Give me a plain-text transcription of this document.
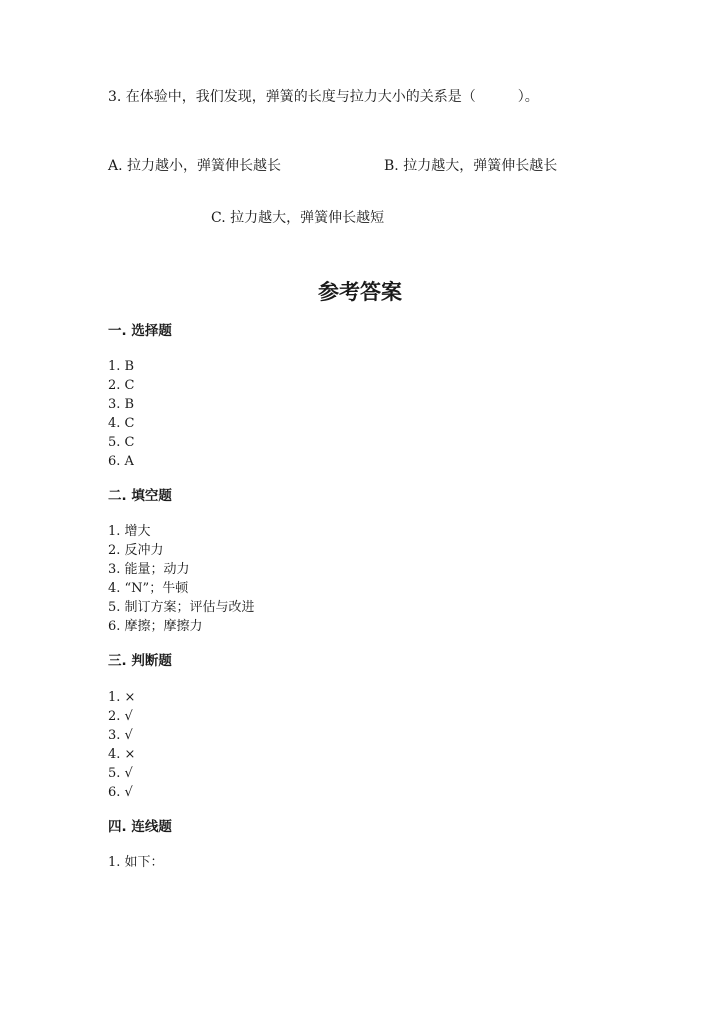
3. 在体验中，我们发现，弹簧的长度与拉力大小的关系是（　　　）。
A. 拉力越小，弹簧伸长越长	B. 拉力越大，弹簧伸长越长
C. 拉力越大，弹簧伸长越短
参考答案
一. 选择题
1. B
2. C
3. B
4. C
5. C
6. A
二. 填空题
1. 增大
2. 反冲力
3. 能量；动力
4. “N”；牛顿
5. 制订方案；评估与改进
6. 摩擦；摩擦力
三. 判断题
1. ×
2. √
3. √
4. ×
5. √
6. √
四. 连线题
1. 如下：
